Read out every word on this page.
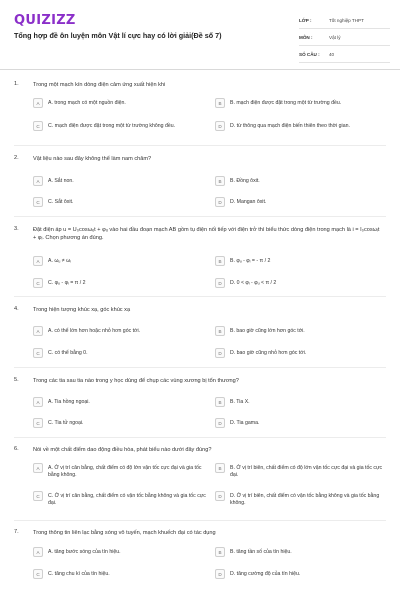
QUIZIZZ
Tổng hợp đề ôn luyện môn Vật lí cực hay có lời giải(Đề số 7)
LỚP :	Tốt nghiệp THPT
MÔN :	Vật lý
SỐ CÂU :	40
1.	Trong một mạch kín dòng điện cảm ứng xuất hiện khi
A	A. trong mạch có một nguồn điện.	B	B. mạch điện được đặt trong một từ trường đều.
C	C. mạch điện được đặt trong một từ trường không đều.	D	D. từ thông qua mạch điện biến thiên theo thời gian.
2.	Vật liệu nào sau đây không thể làm nam châm?
A	A. Sắt non.	B	B. Đồng ôxit.
C	C. Sắt ôxit.	D	D. Mangan ôxit.
3.	Đặt điện áp u = U₀cosωₑt + φᵤ vào hai đầu đoạn mạch AB gồm tụ điện nối tiếp với điện trở thì biểu thức dòng điện trong mạch là i = I₀cosωᵢt + φᵢ. Chọn phương án đúng.
A	A. ωᵤ ≠ ωᵢ	B	B. φᵤ - φᵢ = - π / 2
C	C. φᵤ - φᵢ = π / 2	D	D. 0 < φᵢ - φᵤ < π / 2
4.	Trong hiện tượng khúc xạ, góc khúc xạ
A	A. có thể lớn hơn hoặc nhỏ hơn góc tới.	B	B. bao giờ cũng lớn hơn góc tới.
C	C. có thể bằng 0.	D	D. bao giờ cũng nhỏ hơn góc tới.
5.	Trong các tia sau tia nào trong y học dùng để chụp các vùng xương bị tổn thương?
A	A. Tia hồng ngoại.	B	B. Tia X.
C	C. Tia tử ngoại.	D	D. Tia gama.
6.	Nói về một chất điểm dao động điều hòa, phát biểu nào dưới đây đúng?
A	A. Ở vị trí cân bằng, chất điểm có độ lớn vận tốc cực đại và gia tốc bằng không.
B	B. Ở vị trí biên, chất điểm có độ lớn vận tốc cực đại và gia tốc cực đại.
C	C. Ở vị trí cân bằng, chất điểm có vận tốc bằng không và gia tốc cực đại.
D	D. Ở vị trí biên, chất điểm có vận tốc bằng không và gia tốc bằng không.
7.	Trong thông tin liên lạc bằng sóng vô tuyến, mạch khuếch đại có tác dụng
A	A. tăng bước sóng của tín hiệu.	B	B. tăng tần số của tín hiệu.
C	C. tăng chu kì của tín hiệu.	D	D. tăng cường độ của tín hiệu.
